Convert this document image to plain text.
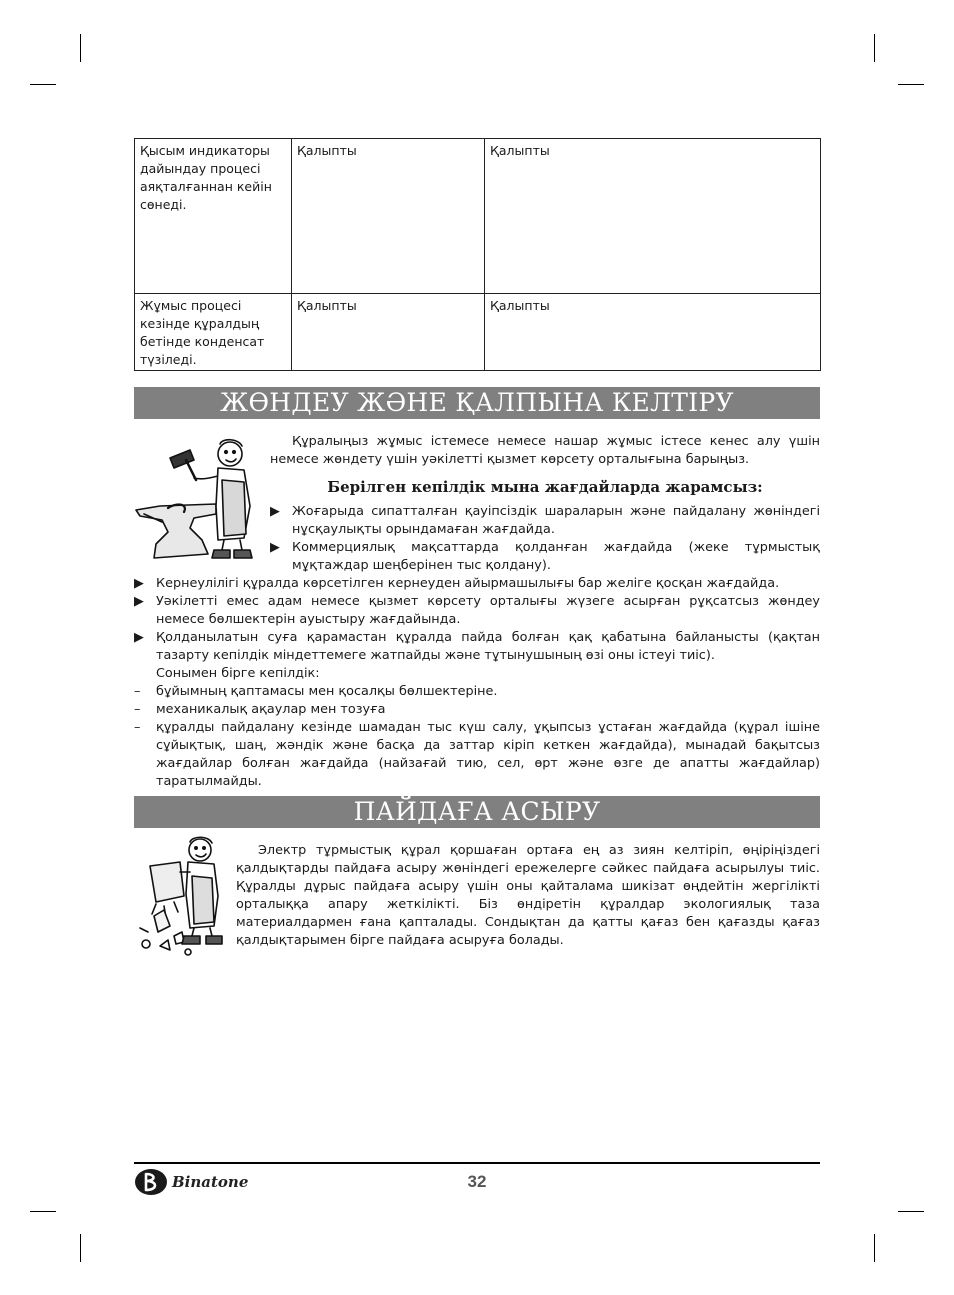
Қысым индикаторы дайындау процесі аяқталғаннан кейін сөнеді.	Қалыпты	Қалыпты
Жұмыс процесі кезінде құралдың бетінде конденсат түзіледі.	Қалыпты	Қалыпты
ЖӨНДЕУ ЖӘНЕ ҚАЛПЫНА КЕЛТІРУ

Құралыңыз жұмыс істемесе немесе нашар жұмыс істесе кенес алу үшін немесе жөндету үшін уәкілетті қызмет көрсету орталығына барыңыз.

Берілген кепілдік мына жағдайларда жарамсыз:
▶ Жоғарыда сипатталған қауіпсіздік шараларын және пайдалану жөніндегі нұсқаулықты орындамаған жағдайда.
▶ Коммерциялық мақсаттарда қолданған жағдайда (жеке тұрмыстық мұқтаждар шеңберінен тыс қолдану).
▶ Кернеулілігі құралда көрсетілген кернеуден айырмашылығы бар желіге қосқан жағдайда.
▶ Уәкілетті емес адам немесе қызмет көрсету орталығы жүзеге асырған рұқсатсыз жөндеу немесе бөлшектерін ауыстыру жағдайында.
▶ Қолданылатын суға қарамастан құралда пайда болған қақ қабатына байланысты (қақтан тазарту кепілдік міндеттемеге жатпайды және тұтынушының өзі оны істеуі тиіс).
Сонымен бірге кепілдік:
– бұйымның қаптамасы мен қосалқы бөлшектеріне.
– механикалық ақаулар мен тозуға
– құралды пайдалану кезінде шамадан тыс күш салу, ұқыпсыз ұстаған жағдайда (құрал ішіне сұйықтық, шаң, жәндік және басқа да заттар кіріп кеткен жағдайда), мынадай бақытсыз жағдайлар болған жағдайда (найзағай тию, сел, өрт және өзге де апатты жағдайлар) таратылмайды.
ПАЙДАҒА АСЫРУ

Электр тұрмыстық құрал қоршаған ортаға ең аз зиян келтіріп, өңіріңіздегі қалдықтарды пайдаға асыру жөніндегі ережелерге сәйкес пайдаға асырылуы тиіс. Құралды дұрыс пайдаға асыру үшін оны қайталама шикізат өңдейтін жергілікті орталыққа апару жеткілікті. Біз өндіретін құралдар экологиялық таза материалдармен ғана қапталады. Сондықтан да қатты қағаз бен қағазды қағаз қалдықтарымен бірге пайдаға асыруға болады.

Binatone	32
